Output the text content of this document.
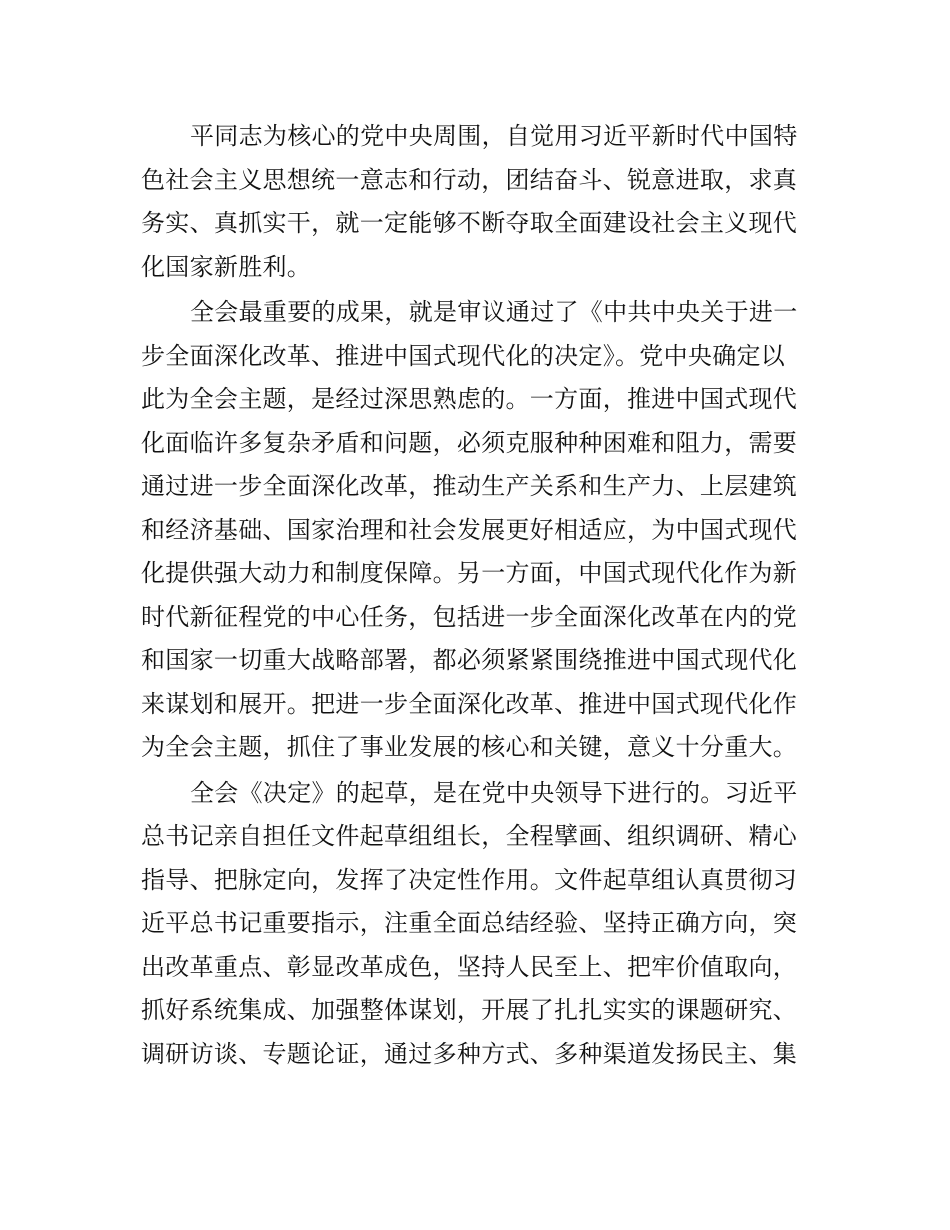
平同志为核心的党中央周围，自觉用习近平新时代中国特
色社会主义思想统一意志和行动，团结奋斗、锐意进取，求真
务实、真抓实干，就一定能够不断夺取全面建设社会主义现代
化国家新胜利。
全会最重要的成果，就是审议通过了《中共中央关于进一
步全面深化改革、推进中国式现代化的决定》。党中央确定以
此为全会主题，是经过深思熟虑的。一方面，推进中国式现代
化面临许多复杂矛盾和问题，必须克服种种困难和阻力，需要
通过进一步全面深化改革，推动生产关系和生产力、上层建筑
和经济基础、国家治理和社会发展更好相适应，为中国式现代
化提供强大动力和制度保障。另一方面，中国式现代化作为新
时代新征程党的中心任务，包括进一步全面深化改革在内的党
和国家一切重大战略部署，都必须紧紧围绕推进中国式现代化
来谋划和展开。把进一步全面深化改革、推进中国式现代化作
为全会主题，抓住了事业发展的核心和关键，意义十分重大。
全会《决定》的起草，是在党中央领导下进行的。习近平
总书记亲自担任文件起草组组长，全程擘画、组织调研、精心
指导、把脉定向，发挥了决定性作用。文件起草组认真贯彻习
近平总书记重要指示，注重全面总结经验、坚持正确方向，突
出改革重点、彰显改革成色，坚持人民至上、把牢价值取向，
抓好系统集成、加强整体谋划，开展了扎扎实实的课题研究、
调研访谈、专题论证，通过多种方式、多种渠道发扬民主、集
